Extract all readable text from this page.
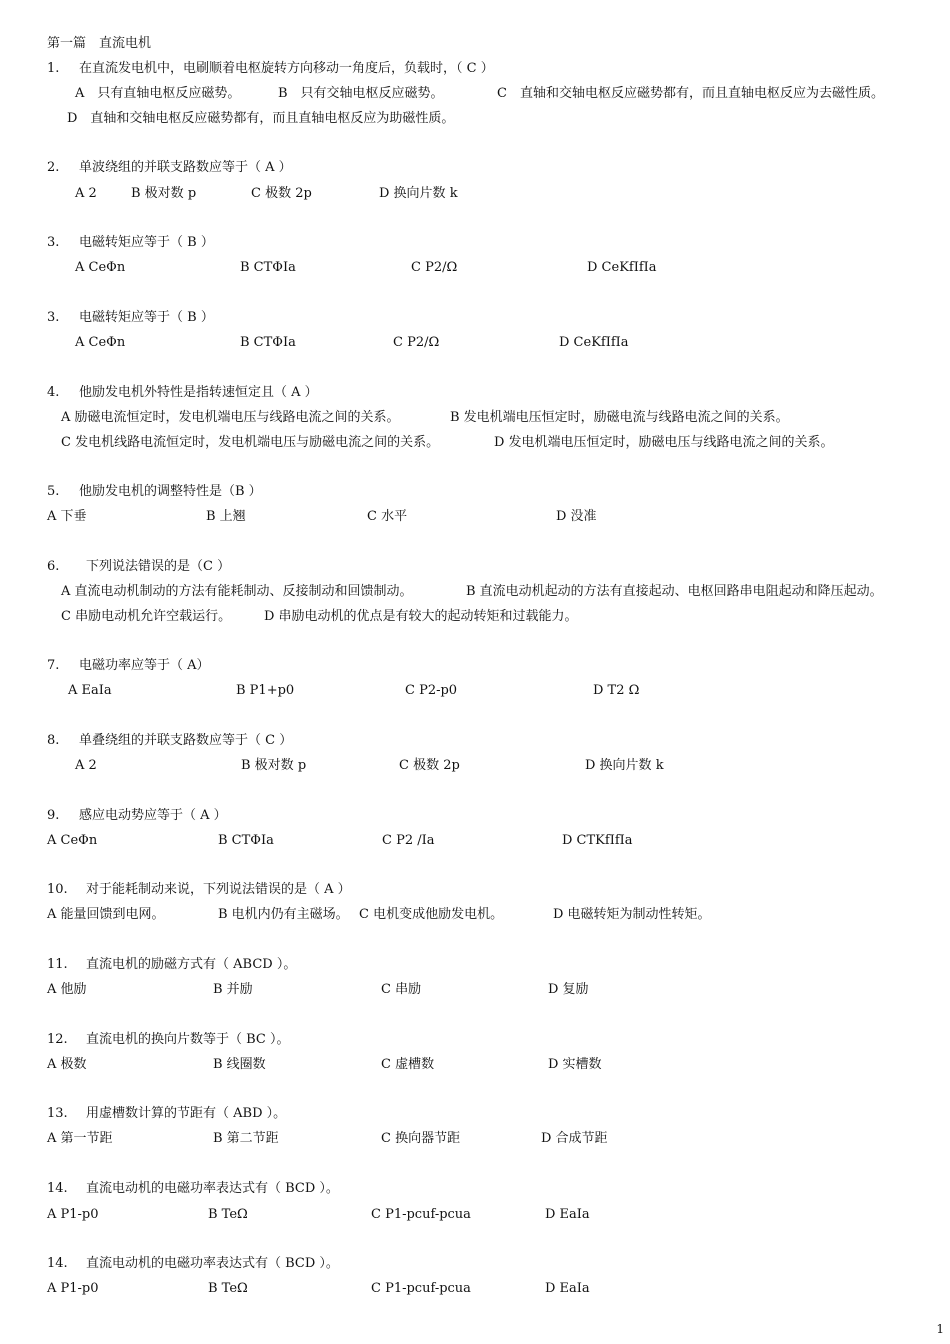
第一篇　直流电机
1. 在直流发电机中，电刷顺着电枢旋转方向移动一角度后，负载时，（ C ）
A　只有直轴电枢反应磁势。	B　只有交轴电枢反应磁势。	C　直轴和交轴电枢反应磁势都有，而且直轴电枢反应为去磁性质。
D　直轴和交轴电枢反应磁势都有，而且直轴电枢反应为助磁性质。
2. 单波绕组的并联支路数应等于（ A ）
A 2	B 极对数 p	C 极数 2p	D 换向片数 k
3. 电磁转矩应等于（ B ）
A CeΦn	B CTΦIa	C P2/Ω	D CeKfIfIa
3. 电磁转矩应等于（ B ）
A CeΦn	B CTΦIa	C P2/Ω	D CeKfIfIa
4. 他励发电机外特性是指转速恒定且（ A ）
A 励磁电流恒定时，发电机端电压与线路电流之间的关系。	B 发电机端电压恒定时，励磁电流与线路电流之间的关系。
C 发电机线路电流恒定时，发电机端电压与励磁电流之间的关系。	D 发电机端电压恒定时，励磁电压与线路电流之间的关系。
5. 他励发电机的调整特性是（B ）
A 下垂	B 上翘	C 水平	D 没准
6. 下列说法错误的是（C ）
A 直流电动机制动的方法有能耗制动、反接制动和回馈制动。	B 直流电动机起动的方法有直接起动、电枢回路串电阻起动和降压起动。
C 串励电动机允许空载运行。	D 串励电动机的优点是有较大的起动转矩和过载能力。
7. 电磁功率应等于（ A）
A EaIa	B P1+p0	C P2-p0	D T2 Ω
8. 单叠绕组的并联支路数应等于（ C ）
A 2	B 极对数 p	C 极数 2p	D 换向片数 k
9. 感应电动势应等于（ A ）
A CeΦn	B CTΦIa	C P2 /Ia	D CTKfIfIa
10. 对于能耗制动来说，下列说法错误的是（ A ）
A 能量回馈到电网。	B 电机内仍有主磁场。 C 电机变成他励发电机。	D 电磁转矩为制动性转矩。
11. 直流电机的励磁方式有（ ABCD ）。
A 他励	B 并励	C 串励	D 复励
12. 直流电机的换向片数等于（ BC ）。
A 极数	B 线圈数	C 虚槽数	D 实槽数
13. 用虚槽数计算的节距有（ ABD ）。
A 第一节距	B 第二节距	C 换向器节距	D 合成节距
14. 直流电动机的电磁功率表达式有（ BCD ）。
A P1-p0	B TeΩ	C P1-pcuf-pcua	D EaIa
14. 直流电动机的电磁功率表达式有（ BCD ）。
A P1-p0	B TeΩ	C P1-pcuf-pcua	D EaIa
1
